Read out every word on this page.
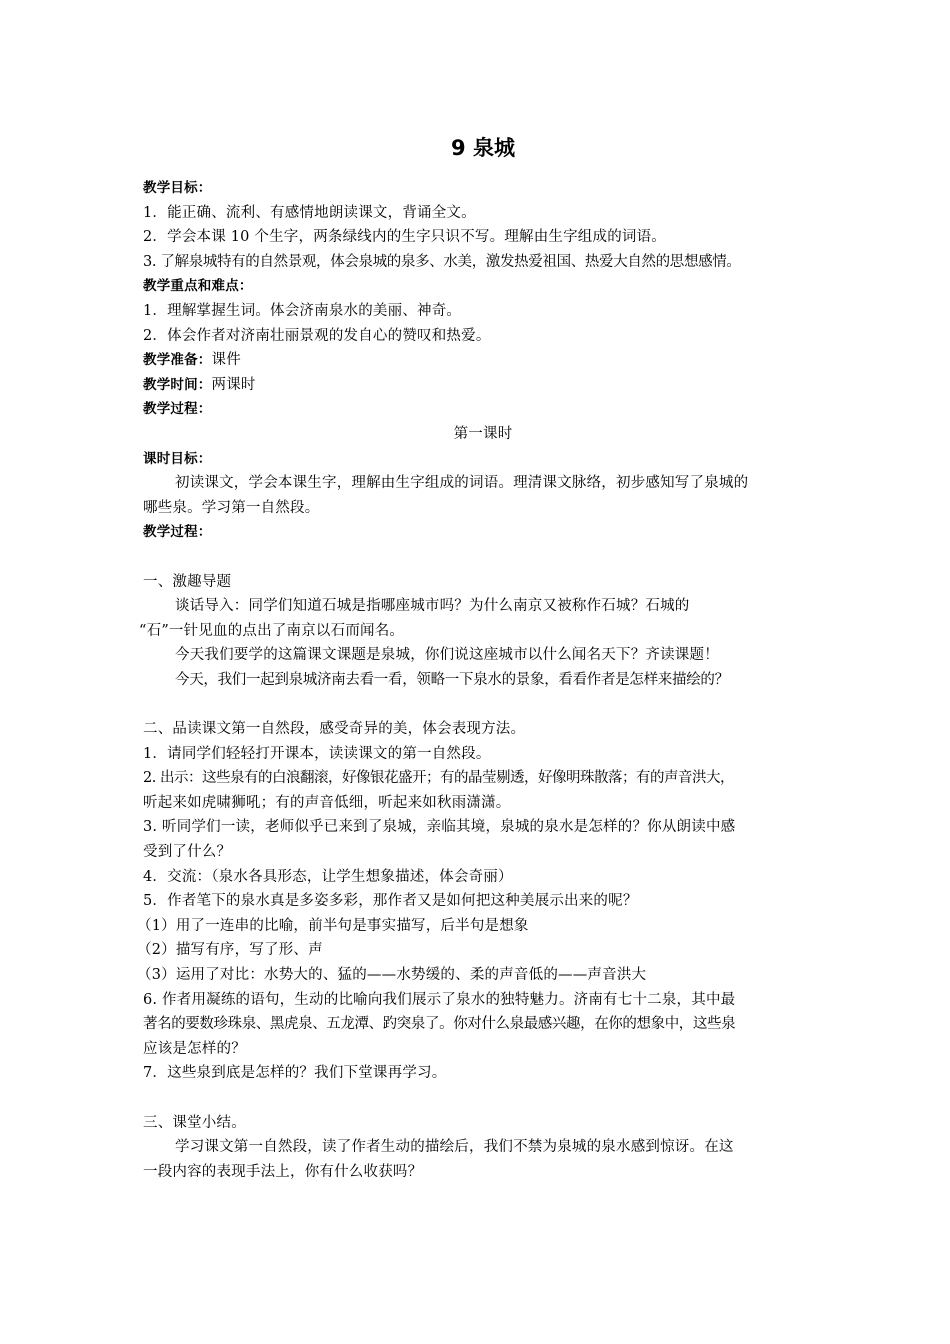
9 泉城
教学目标：
1．能正确、流利、有感情地朗读课文，背诵全文。
2．学会本课 10 个生字，两条绿线内的生字只识不写。理解由生字组成的词语。
3. 了解泉城特有的自然景观，体会泉城的泉多、水美，激发热爱祖国、热爱大自然的思想感情。
教学重点和难点：
1．理解掌握生词。体会济南泉水的美丽、神奇。
2．体会作者对济南壮丽景观的发自心的赞叹和热爱。
教学准备：课件
教学时间：两课时
教学过程：
第一课时
课时目标：
初读课文，学会本课生字，理解由生字组成的词语。理清课文脉络，初步感知写了泉城的
哪些泉。学习第一自然段。
教学过程：
一、激趣导题
谈话导入：同学们知道石城是指哪座城市吗？为什么南京又被称作石城？石城的
“石”一针见血的点出了南京以石而闻名。
今天我们要学的这篇课文课题是泉城，你们说这座城市以什么闻名天下？齐读课题！
今天，我们一起到泉城济南去看一看，领略一下泉水的景象，看看作者是怎样来描绘的？
二、品读课文第一自然段，感受奇异的美，体会表现方法。
1．请同学们轻轻打开课本，读读课文的第一自然段。
2. 出示：这些泉有的白浪翻滚，好像银花盛开；有的晶莹剔透，好像明珠散落；有的声音洪大，
听起来如虎啸狮吼；有的声音低细，听起来如秋雨潇潇。
3. 听同学们一读，老师似乎已来到了泉城，亲临其境，泉城的泉水是怎样的？你从朗读中感
受到了什么？
4．交流：（泉水各具形态，让学生想象描述，体会奇丽）
5．作者笔下的泉水真是多姿多彩，那作者又是如何把这种美展示出来的呢？
（1）用了一连串的比喻，前半句是事实描写，后半句是想象
（2）描写有序，写了形、声
（3）运用了对比：水势大的、猛的——水势缓的、柔的声音低的——声音洪大
6. 作者用凝练的语句，生动的比喻向我们展示了泉水的独特魅力。济南有七十二泉，其中最
著名的要数珍珠泉、黑虎泉、五龙潭、趵突泉了。你对什么泉最感兴趣，在你的想象中，这些泉
应该是怎样的？
7．这些泉到底是怎样的？我们下堂课再学习。
三、课堂小结。
学习课文第一自然段，读了作者生动的描绘后，我们不禁为泉城的泉水感到惊讶。在这
一段内容的表现手法上，你有什么收获吗？
